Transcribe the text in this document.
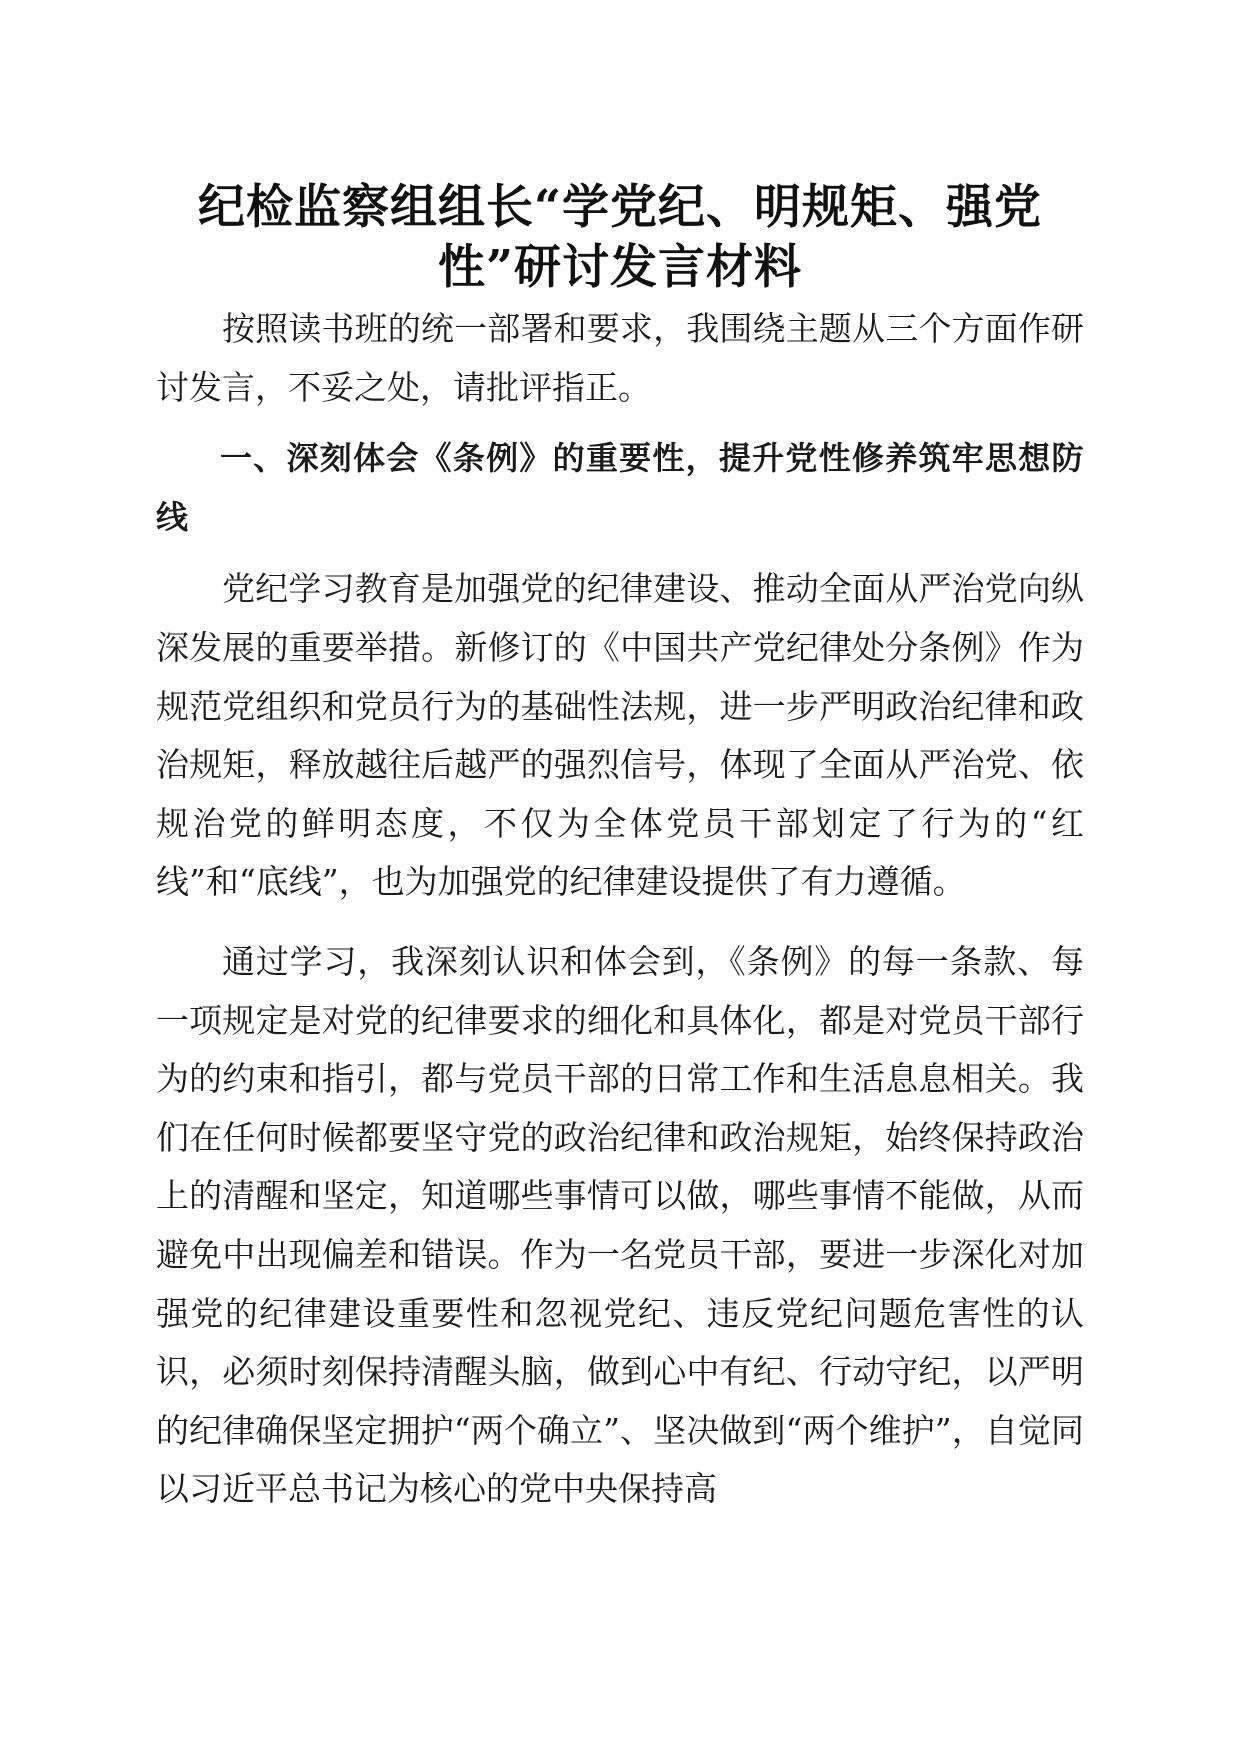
纪检监察组组长“学党纪、明规矩、强党
性”研讨发言材料

按照读书班的统一部署和要求，我围绕主题从三个方面作研讨发言，不妥之处，请批评指正。

一、深刻体会《条例》的重要性，提升党性修养筑牢思想防线

党纪学习教育是加强党的纪律建设、推动全面从严治党向纵深发展的重要举措。新修订的《中国共产党纪律处分条例》作为规范党组织和党员行为的基础性法规，进一步严明政治纪律和政治规矩，释放越往后越严的强烈信号，体现了全面从严治党、依规治党的鲜明态度，不仅为全体党员干部划定了行为的“红线”和“底线”，也为加强党的纪律建设提供了有力遵循。

通过学习，我深刻认识和体会到，《条例》的每一条款、每一项规定是对党的纪律要求的细化和具体化，都是对党员干部行为的约束和指引，都与党员干部的日常工作和生活息息相关。我们在任何时候都要坚守党的政治纪律和政治规矩，始终保持政治上的清醒和坚定，知道哪些事情可以做，哪些事情不能做，从而避免中出现偏差和错误。作为一名党员干部，要进一步深化对加强党的纪律建设重要性和忽视党纪、违反党纪问题危害性的认识，必须时刻保持清醒头脑，做到心中有纪、行动守纪，以严明的纪律确保坚定拥护“两个确立”、坚决做到“两个维护”，自觉同以习近平总书记为核心的党中央保持高
